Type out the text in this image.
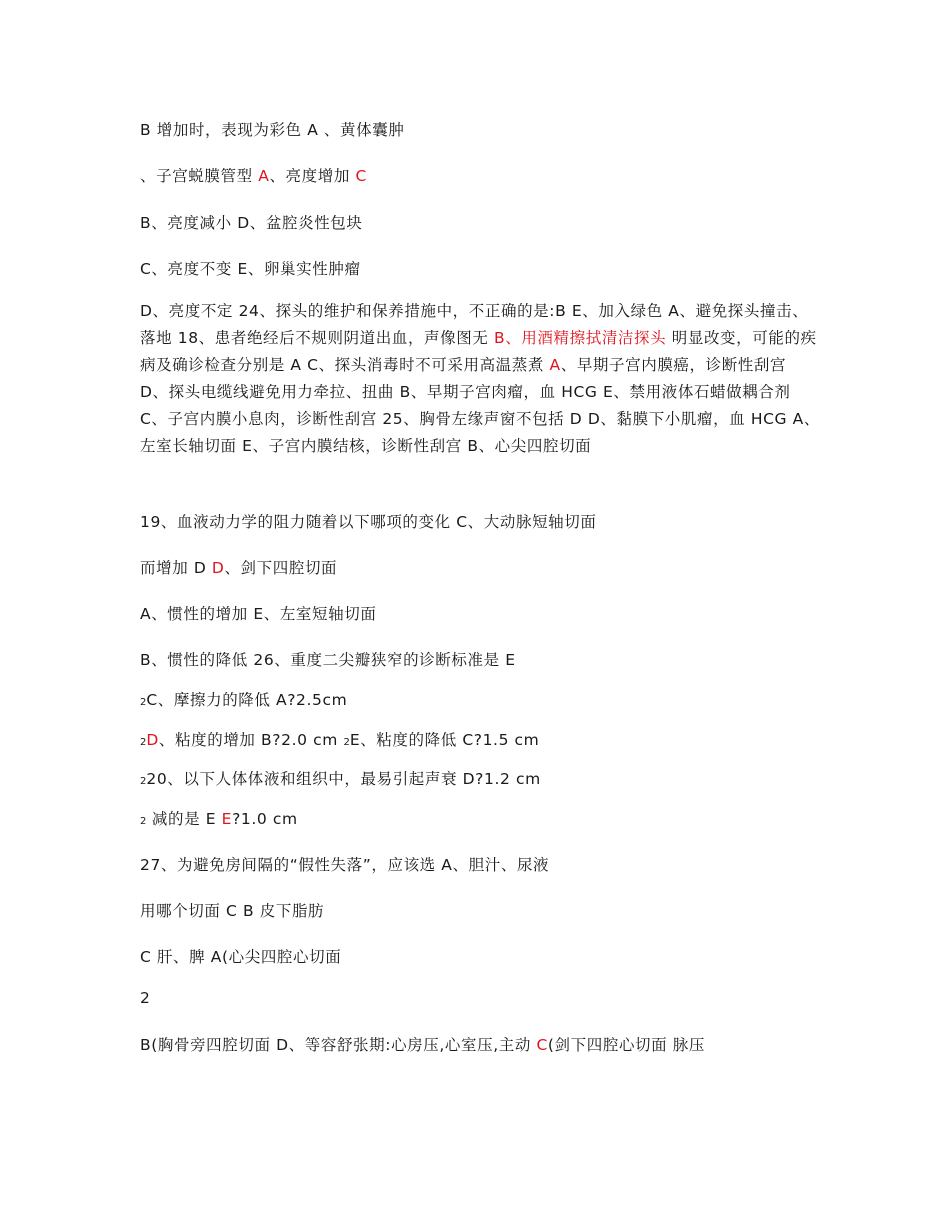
B 增加时，表现为彩色 A 、黄体囊肿
、子宫蜕膜管型 A、亮度增加 C
B、亮度减小 D、盆腔炎性包块
C、亮度不变 E、卵巢实性肿瘤
D、亮度不定 24、探头的维护和保养措施中，不正确的是:B E、加入绿色 A、避免探头撞击、落地 18、患者绝经后不规则阴道出血，声像图无 B、用酒精擦拭清洁探头 明显改变，可能的疾病及确诊检查分别是 A C、探头消毒时不可采用高温蒸煮 A、早期子宫内膜癌，诊断性刮宫 D、探头电缆线避免用力牵拉、扭曲 B、早期子宫肉瘤，血 HCG E、禁用液体石蜡做耦合剂 C、子宫内膜小息肉，诊断性刮宫 25、胸骨左缘声窗不包括 D D、黏膜下小肌瘤，血 HCG A、左室长轴切面 E、子宫内膜结核，诊断性刮宫 B、心尖四腔切面
19、血液动力学的阻力随着以下哪项的变化 C、大动脉短轴切面
而增加 D D、剑下四腔切面
A、惯性的增加 E、左室短轴切面
B、惯性的降低 26、重度二尖瓣狭窄的诊断标准是 E
2C、摩擦力的降低 A?2.5cm
2D、粘度的增加 B?2.0 cm 2E、粘度的降低 C?1.5 cm
220、以下人体体液和组织中，最易引起声衰 D?1.2 cm
2 减的是 E E?1.0 cm
27、为避免房间隔的“假性失落”，应该选 A、胆汁、尿液
用哪个切面 C B 皮下脂肪
C 肝、脾 A(心尖四腔心切面
2
B(胸骨旁四腔切面 D、等容舒张期:心房压,心室压,主动 C(剑下四腔心切面 脉压
